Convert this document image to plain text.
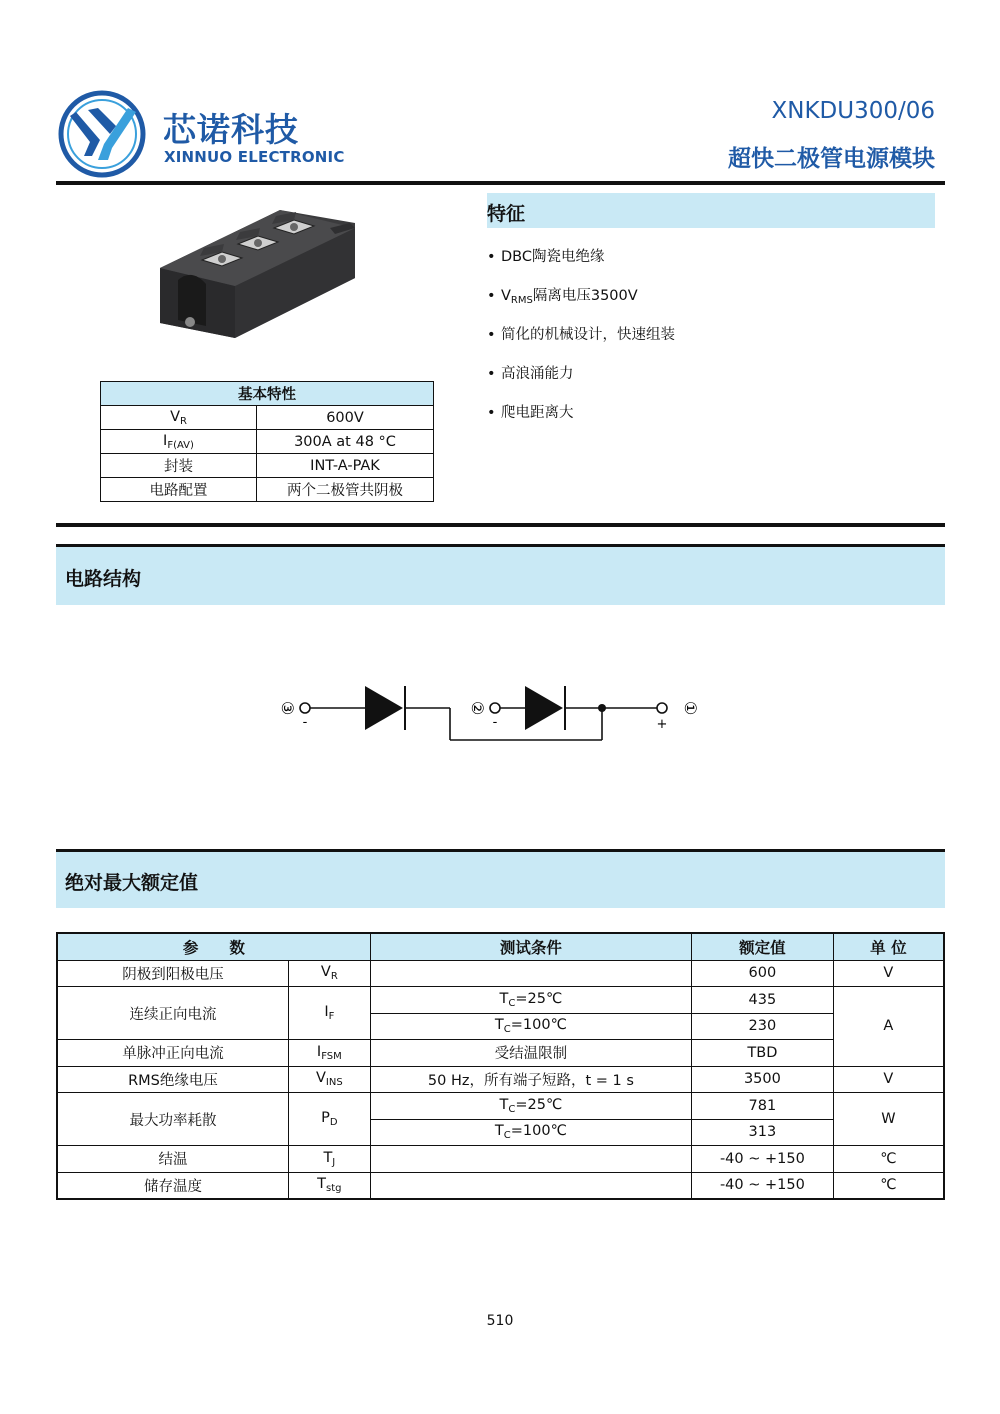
芯诺科技
XINNUO ELECTRONIC
XNKDU300/06
超快二极管电源模块
基本特性	
$V_R$	600V
$I_{F(AV)}$	300A at 48 °C
封装	INT-A-PAK
电路配置	两个二极管共阴极
特征
• DBC陶瓷电绝缘
• $V_{RMS}$隔离电压3500V
• 简化的机械设计，快速组装
• 高浪涌能力
• 爬电距离大
电路结构
③
-
②
-
①
+
绝对最大额定值
参　　数		测试条件	额定值	单 位
阴极到阳极电压	$V_R$		600	V
连续正向电流	$I_F$	$T_C=25℃$	435	A
		$T_C=100℃$	230	
单脉冲正向电流	$I_{FSM}$	受结温限制	TBD	
RMS绝缘电压	$V_{INS}$	50 Hz，所有端子短路，t = 1 s	3500	V
最大功率耗散	$P_D$	$T_C=25℃$	781	W
		$T_C=100℃$	313	
结温	$T_J$		-40 ~ +150	℃
储存温度	$T_{stg}$		-40 ~ +150	℃
510
